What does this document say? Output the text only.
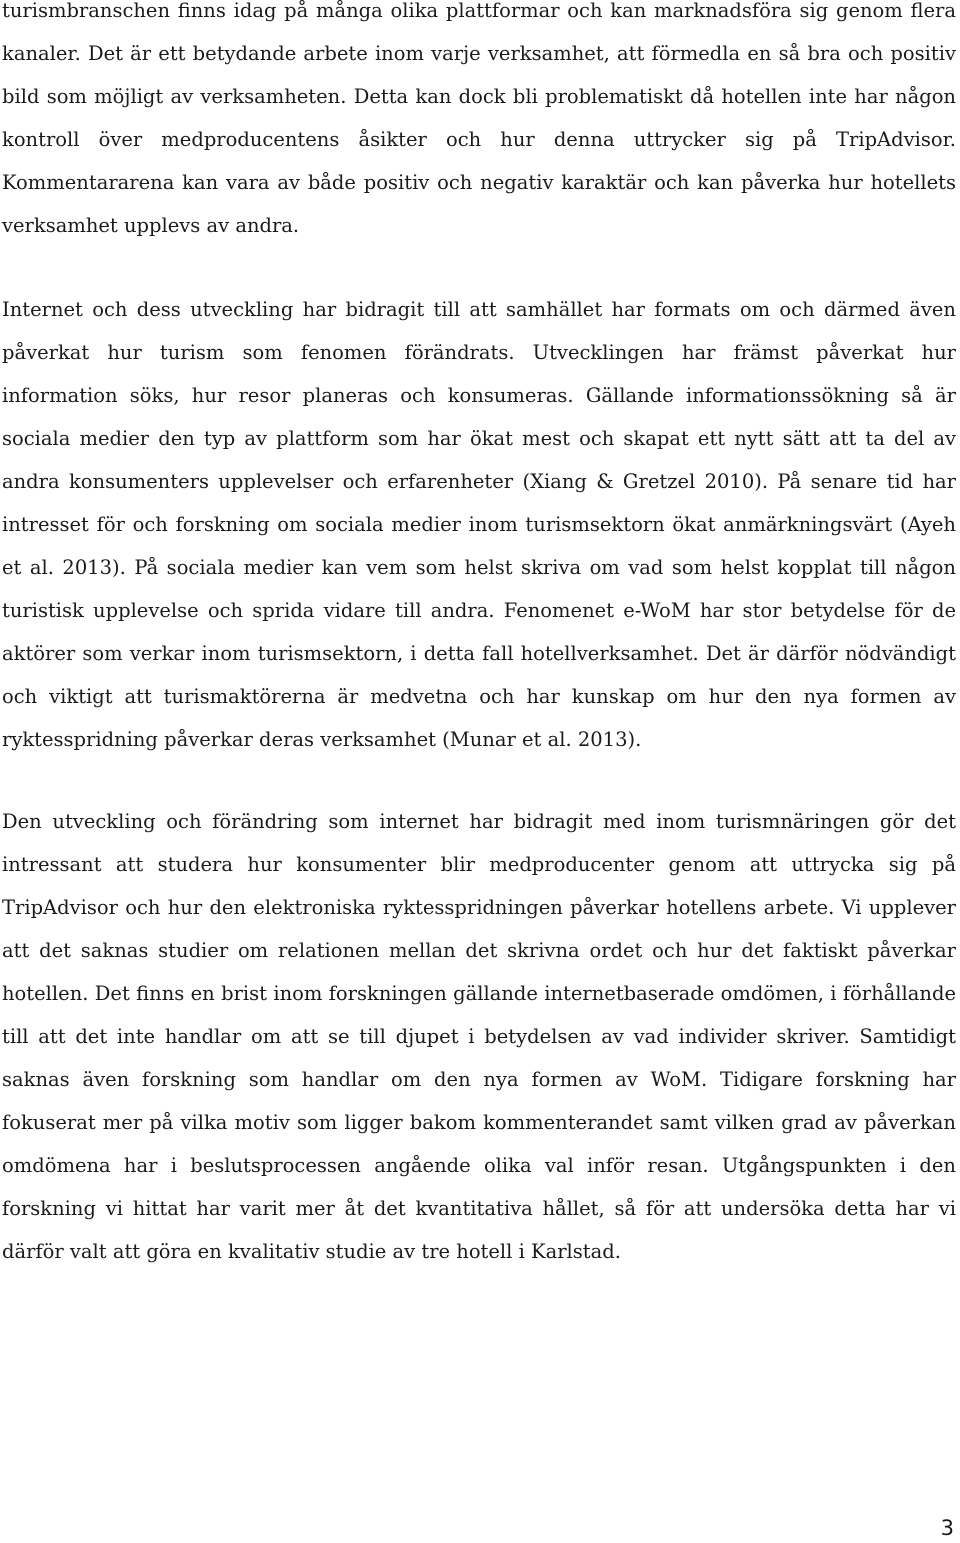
turismbranschen finns idag på många olika plattformar och kan marknadsföra sig genom flera kanaler. Det är ett betydande arbete inom varje verksamhet, att förmedla en så bra och positiv bild som möjligt av verksamheten. Detta kan dock bli problematiskt då hotellen inte har någon kontroll över medproducentens åsikter och hur denna uttrycker sig på TripAdvisor. Kommentararena kan vara av både positiv och negativ karaktär och kan påverka hur hotellets verksamhet upplevs av andra.

Internet och dess utveckling har bidragit till att samhället har formats om och därmed även påverkat hur turism som fenomen förändrats. Utvecklingen har främst påverkat hur information söks, hur resor planeras och konsumeras. Gällande informationssökning så är sociala medier den typ av plattform som har ökat mest och skapat ett nytt sätt att ta del av andra konsumenters upplevelser och erfarenheter (Xiang & Gretzel 2010). På senare tid har intresset för och forskning om sociala medier inom turismsektorn ökat anmärkningsvärt (Ayeh et al. 2013). På sociala medier kan vem som helst skriva om vad som helst kopplat till någon turistisk upplevelse och sprida vidare till andra. Fenomenet e-WoM har stor betydelse för de aktörer som verkar inom turismsektorn, i detta fall hotellverksamhet. Det är därför nödvändigt och viktigt att turismaktörerna är medvetna och har kunskap om hur den nya formen av ryktesspridning påverkar deras verksamhet (Munar et al. 2013).

Den utveckling och förändring som internet har bidragit med inom turismnäringen gör det intressant att studera hur konsumenter blir medproducenter genom att uttrycka sig på TripAdvisor och hur den elektroniska ryktesspridningen påverkar hotellens arbete. Vi upplever att det saknas studier om relationen mellan det skrivna ordet och hur det faktiskt påverkar hotellen. Det finns en brist inom forskningen gällande internetbaserade omdömen, i förhållande till att det inte handlar om att se till djupet i betydelsen av vad individer skriver. Samtidigt saknas även forskning som handlar om den nya formen av WoM. Tidigare forskning har fokuserat mer på vilka motiv som ligger bakom kommenterandet samt vilken grad av påverkan omdömena har i beslutsprocessen angående olika val inför resan. Utgångspunkten i den forskning vi hittat har varit mer åt det kvantitativa hållet, så för att undersöka detta har vi därför valt att göra en kvalitativ studie av tre hotell i Karlstad.

3
